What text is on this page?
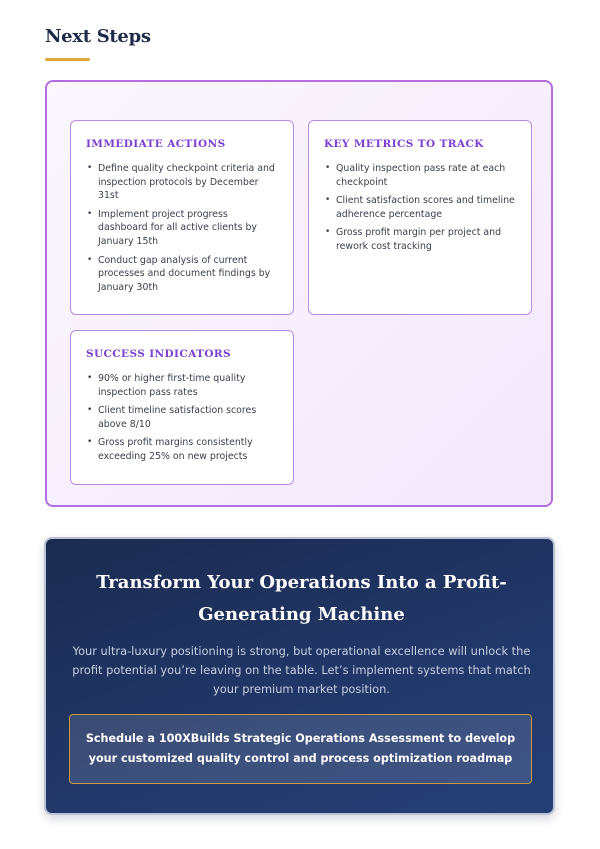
Next Steps
IMMEDIATE ACTIONS
• Define quality checkpoint criteria and inspection protocols by December 31st
• Implement project progress dashboard for all active clients by January 15th
• Conduct gap analysis of current processes and document findings by January 30th
KEY METRICS TO TRACK
• Quality inspection pass rate at each checkpoint
• Client satisfaction scores and timeline adherence percentage
• Gross profit margin per project and rework cost tracking
SUCCESS INDICATORS
• 90% or higher first-time quality inspection pass rates
• Client timeline satisfaction scores above 8/10
• Gross profit margins consistently exceeding 25% on new projects
Transform Your Operations Into a Profit-Generating Machine

Your ultra-luxury positioning is strong, but operational excellence will unlock the profit potential you’re leaving on the table. Let’s implement systems that match your premium market position.

Schedule a 100XBuilds Strategic Operations Assessment to develop your customized quality control and process optimization roadmap
